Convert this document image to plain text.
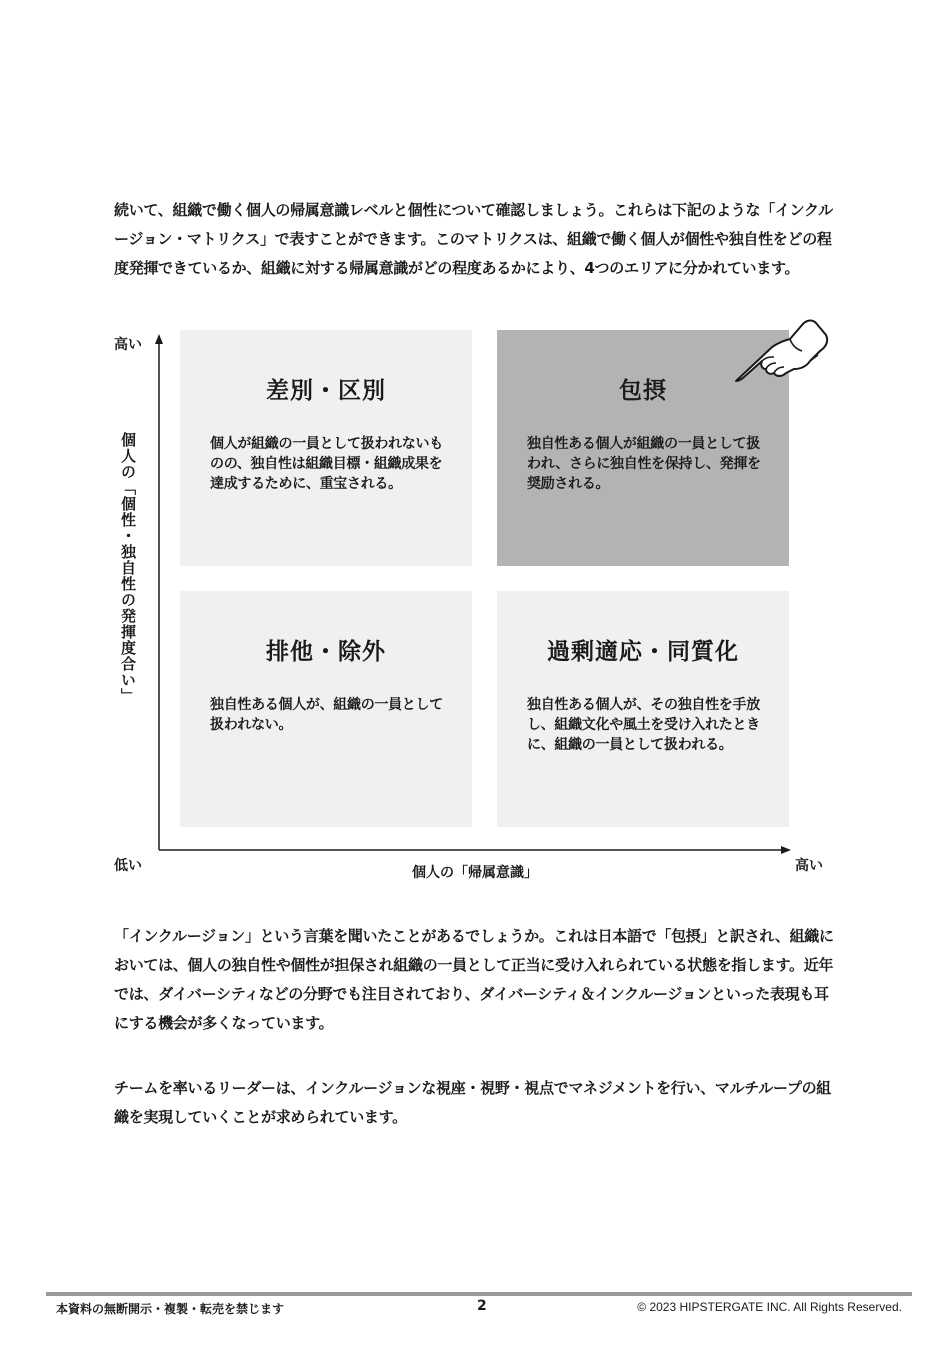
続いて、組織で働く個人の帰属意識レベルと個性について確認しましょう。これらは下記のような「インクルージョン・マトリクス」で表すことができます。このマトリクスは、組織で働く個人が個性や独自性をどの程度発揮できているか、組織に対する帰属意識がどの程度あるかにより、4つのエリアに分かれています。

差別・区別
個人が組織の一員として扱われないものの、独自性は組織目標・組織成果を達成するために、重宝される。
包摂
独自性ある個人が組織の一員として扱われ、さらに独自性を保持し、発揮を奨励される。
排他・除外
独自性ある個人が、組織の一員として扱われない。
過剰適応・同質化
独自性ある個人が、その独自性を手放し、組織文化や風土を受け入れたときに、組織の一員として扱われる。
高い
個人の「個性・独自性の発揮度合い」
低い	高い
個人の「帰属意識」

「インクルージョン」という言葉を聞いたことがあるでしょうか。これは日本語で「包摂」と訳され、組織においては、個人の独自性や個性が担保され組織の一員として正当に受け入れられている状態を指します。近年では、ダイバーシティなどの分野でも注目されており、ダイバーシティ＆インクルージョンといった表現も耳にする機会が多くなっています。

チームを率いるリーダーは、インクルージョンな視座・視野・視点でマネジメントを行い、マルチループの組織を実現していくことが求められています。

本資料の無断開示・複製・転売を禁じます	2	© 2023 HIPSTERGATE INC. All Rights Reserved.
